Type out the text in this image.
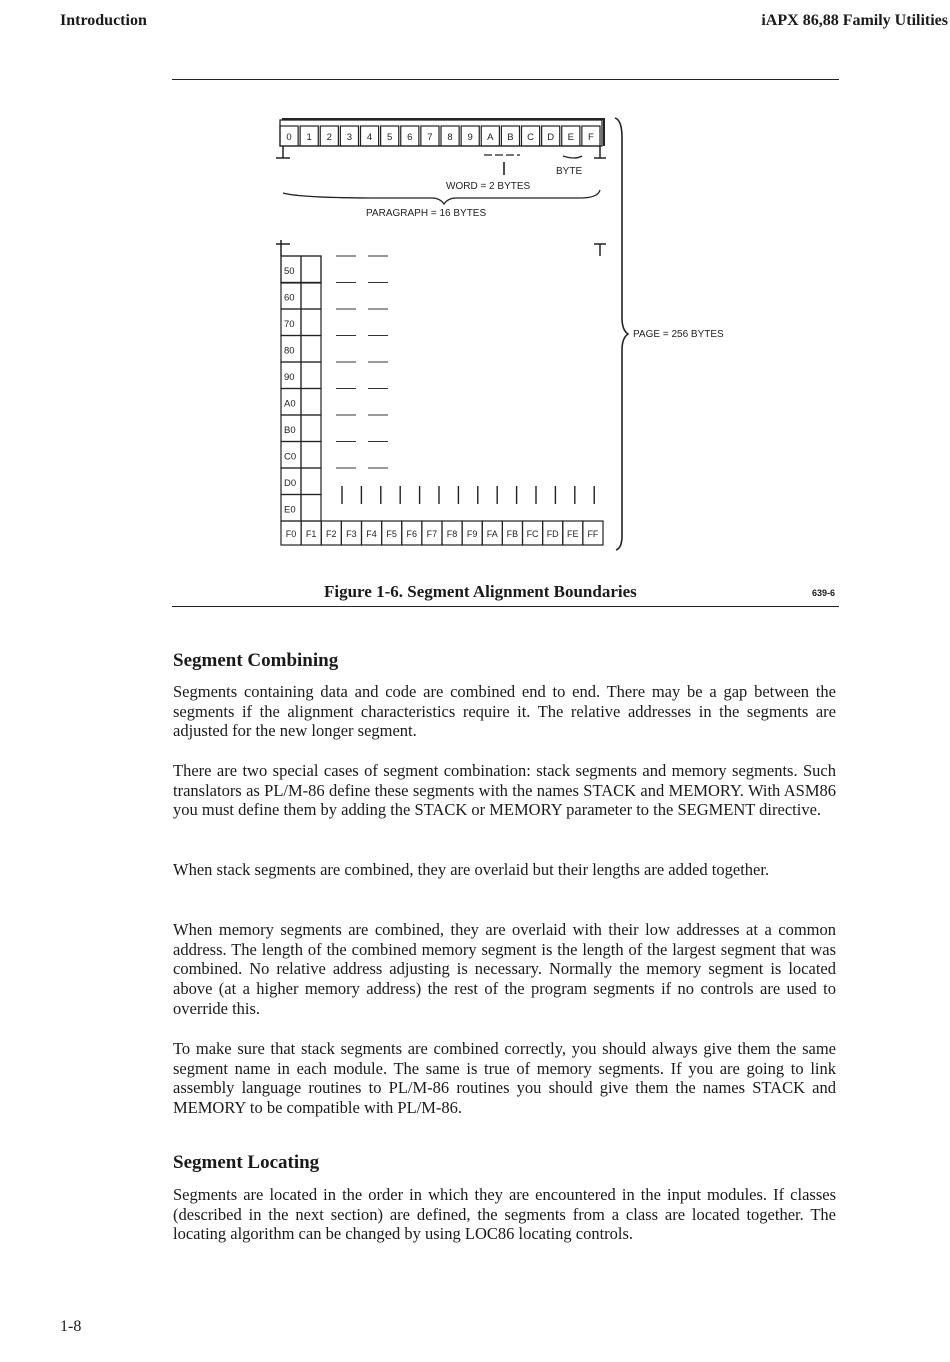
Introduction	iAPX 86,88 Family Utilities
0 1 2 3 4 5 6 7 8 9 A B C D E F
50
60
70
80
90
A0
B0
C0
D0
E0
F0 F1 F2 F3 F4 F5 F6 F7 F8 F9 FA FB FC FD FE FF
BYTE
WORD = 2 BYTES
PARAGRAPH = 16 BYTES
PAGE = 256 BYTES
Figure 1-6. Segment Alignment Boundaries	639-6
Segment Combining

Segments containing data and code are combined end to end. There may be a gap between the segments if the alignment characteristics require it. The relative addresses in the segments are adjusted for the new longer segment.

There are two special cases of segment combination: stack segments and memory segments. Such translators as PL/M-86 define these segments with the names STACK and MEMORY. With ASM86 you must define them by adding the STACK or MEMORY parameter to the SEGMENT directive.

When stack segments are combined, they are overlaid but their lengths are added together.

When memory segments are combined, they are overlaid with their low addresses at a common address. The length of the combined memory segment is the length of the largest segment that was combined. No relative address adjusting is necessary. Normally the memory segment is located above (at a higher memory address) the rest of the program segments if no controls are used to override this.

To make sure that stack segments are combined correctly, you should always give them the same segment name in each module. The same is true of memory segments. If you are going to link assembly language routines to PL/M-86 routines you should give them the names STACK and MEMORY to be compatible with PL/M-86.

Segment Locating

Segments are located in the order in which they are encountered in the input modules. If classes (described in the next section) are defined, the segments from a class are located together. The locating algorithm can be changed by using LOC86 locating controls.

1-8
